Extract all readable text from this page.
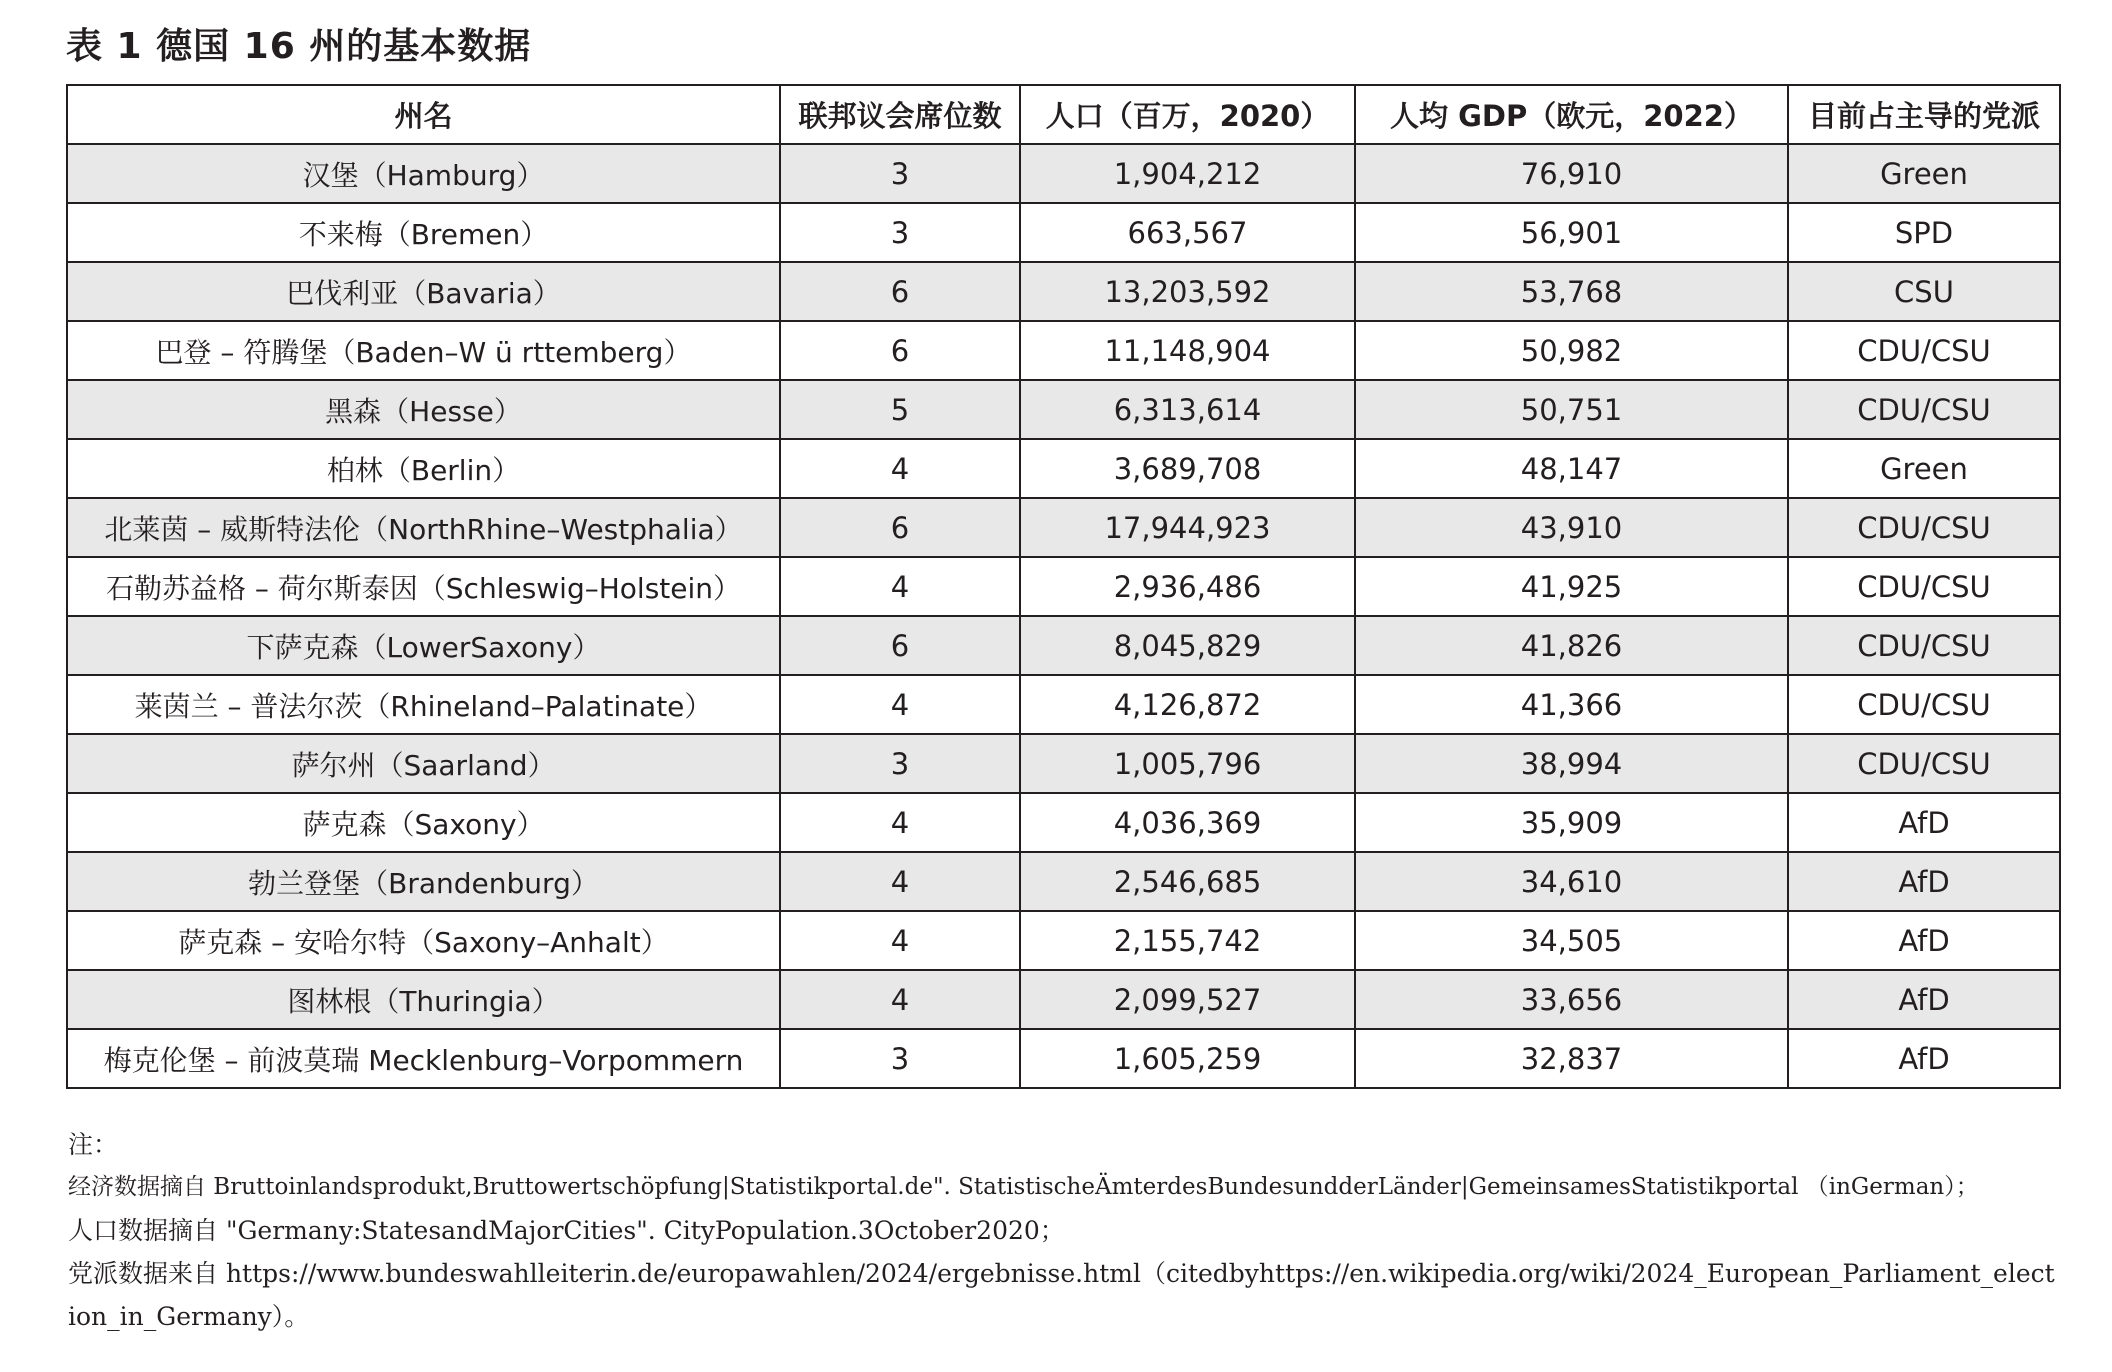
表 1 德国 16 州的基本数据
州名	联邦议会席位数	人口（百万，2020）	人均 GDP（欧元，2022）	目前占主导的党派
汉堡（Hamburg）	3	1,904,212	76,910	Green
不来梅（Bremen）	3	663,567	56,901	SPD
巴伐利亚（Bavaria）	6	13,203,592	53,768	CSU
巴登 – 符腾堡（Baden–W ü rttemberg）	6	11,148,904	50,982	CDU/CSU
黑森（Hesse）	5	6,313,614	50,751	CDU/CSU
柏林（Berlin）	4	3,689,708	48,147	Green
北莱茵 – 威斯特法伦（NorthRhine–Westphalia）	6	17,944,923	43,910	CDU/CSU
石勒苏益格 – 荷尔斯泰因（Schleswig–Holstein）	4	2,936,486	41,925	CDU/CSU
下萨克森（LowerSaxony）	6	8,045,829	41,826	CDU/CSU
莱茵兰 – 普法尔茨（Rhineland–Palatinate）	4	4,126,872	41,366	CDU/CSU
萨尔州（Saarland）	3	1,005,796	38,994	CDU/CSU
萨克森（Saxony）	4	4,036,369	35,909	AfD
勃兰登堡（Brandenburg）	4	2,546,685	34,610	AfD
萨克森 – 安哈尔特（Saxony–Anhalt）	4	2,155,742	34,505	AfD
图林根（Thuringia）	4	2,099,527	33,656	AfD
梅克伦堡 – 前波莫瑞 Mecklenburg–Vorpommern	3	1,605,259	32,837	AfD
注：
经济数据摘自 Bruttoinlandsprodukt,Bruttowertschöpfung|Statistikportal.de". StatistischeÄmterdesBundesundderLänder|GemeinsamesStatistikportal （inGerman）；
人口数据摘自 "Germany:StatesandMajorCities". CityPopulation.3October2020；
党派数据来自 https://www.bundeswahlleiterin.de/europawahlen/2024/ergebnisse.html（citedbyhttps://en.wikipedia.org/wiki/2024_European_Parliament_election_in_Germany）。
